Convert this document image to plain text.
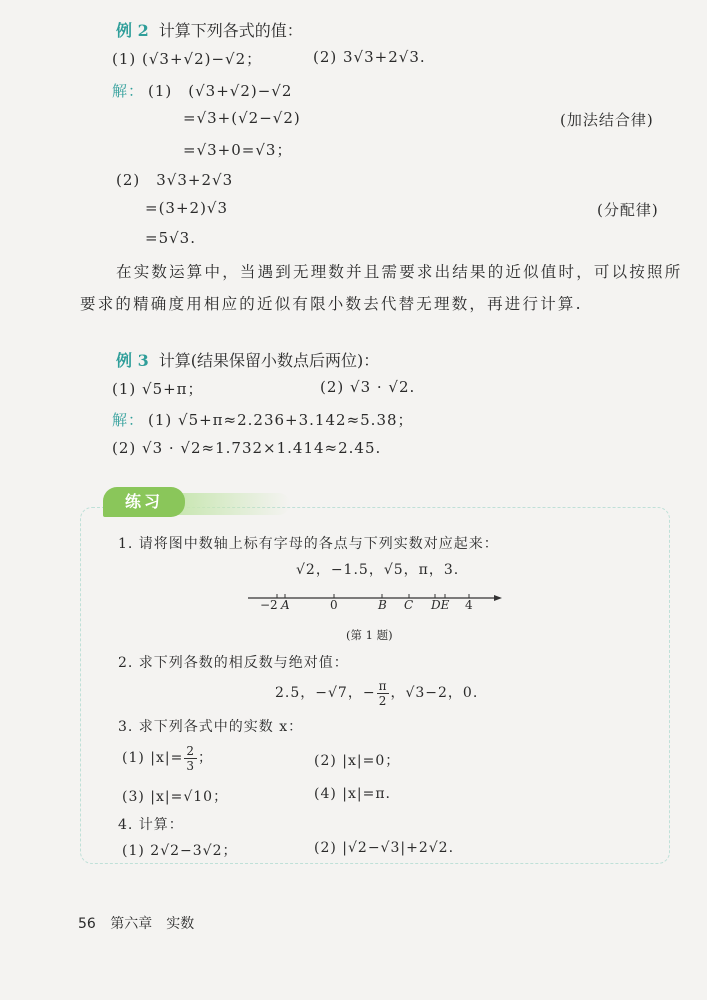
例 2 计算下列各式的值：
(1) (√3+√2)−√2；	(2) 3√3+2√3.
解： (1)　(√3+√2)−√2
=√3+(√2−√2)	(加法结合律)
=√3+0=√3；
(2)　3√3+2√3
=(3+2)√3	(分配律)
=5√3.
在实数运算中，当遇到无理数并且需要求出结果的近似值时，可以按照所
要求的精确度用相应的近似有限小数去代替无理数，再进行计算.
例 3 计算(结果保留小数点后两位)：
(1) √5+π；	(2) √3 · √2.
解： (1) √5+π≈2.236+3.142≈5.38；
(2) √3 · √2≈1.732×1.414≈2.45.
练习
1. 请将图中数轴上标有字母的各点与下列实数对应起来：
√2，−1.5，√5，π，3.
−2 A	0	B C DE 4
(第 1 题)
2. 求下列各数的相反数与绝对值：
2.5，−√7，− $\frac{\pi}{2}$ ，√3−2，0.
3. 求下列各式中的实数 x：
(1) $|x|= \frac{2}{3}$ ；	(2) |x|=0；
(3) |x|=√10；	(4) |x|=π.
4. 计算：
(1) 2√2−3√2；	(2) |√2−√3|+2√2.
56 第六章　实数
